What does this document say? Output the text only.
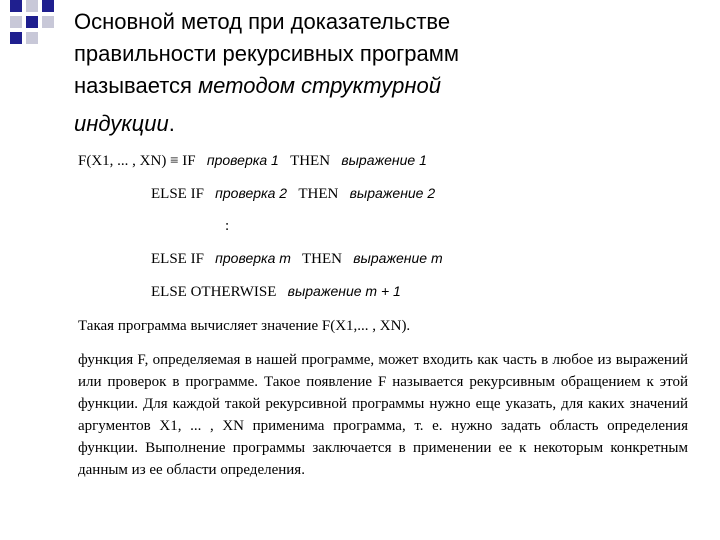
Основной метод при доказательстве
правильности рекурсивных программ
называется методом структурной
индукции.
F(X1, ... , XN) ≡ IF проверка 1 THEN выражение 1
ELSE IF проверка 2 THEN выражение 2
:
ELSE IF проверка m THEN выражение m
ELSE OTHERWISE выражение m + 1
Такая программа вычисляет значение F(X1,... , XN).
функция F, определяемая в нашей программе, может входить как часть в любое из выражений или проверок в программе. Такое появление F называется рекурсивным обращением к этой функции. Для каждой такой рекурсивной программы нужно еще указать, для каких значений аргументов X1, ... , XN применима программа, т. е. нужно задать область определения функции. Выполнение программы заключается в применении ее к некоторым конкретным данным из ее области определения.
